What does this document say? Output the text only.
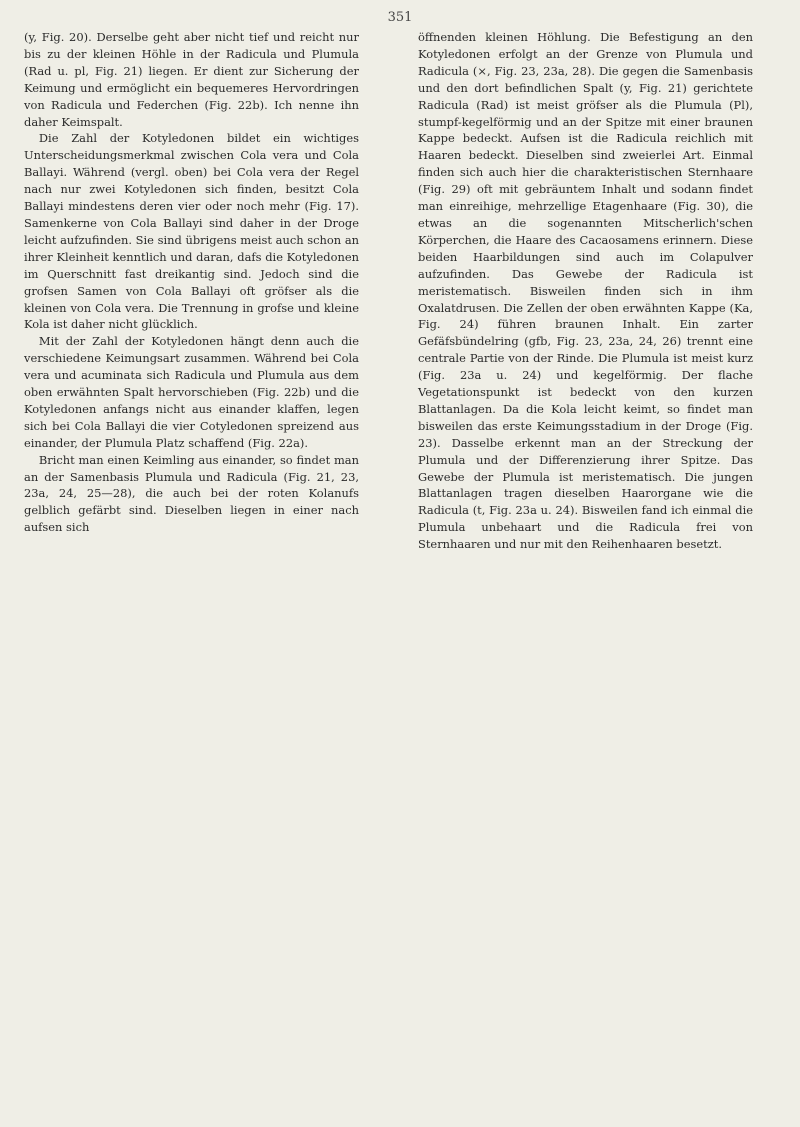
351

(y, Fig. 20). Derselbe geht aber nicht tief und reicht nur bis zu der kleinen Höhle in der Radicula und Plumula (Rad u. pl, Fig. 21) liegen. Er dient zur Sicherung der Keimung und ermöglicht ein bequemeres Hervordringen von Radicula und Federchen (Fig. 22b). Ich nenne ihn daher Keimspalt.

Die Zahl der Kotyledonen bildet ein wichtiges Unterscheidungsmerkmal zwischen Cola vera und Cola Ballayi. Während (vergl. oben) bei Cola vera der Regel nach nur zwei Kotyledonen sich finden, besitzt Cola Ballayi mindestens deren vier oder noch mehr (Fig. 17). Samenkerne von Cola Ballayi sind daher in der Droge leicht aufzufinden. Sie sind übrigens meist auch schon an ihrer Kleinheit kenntlich und daran, dafs die Kotyledonen im Querschnitt fast dreikantig sind. Jedoch sind die grofsen Samen von Cola Ballayi oft gröfser als die kleinen von Cola vera. Die Trennung in grofse und kleine Kola ist daher nicht glücklich.

Mit der Zahl der Kotyledonen hängt denn auch die verschiedene Keimungsart zusammen. Während bei Cola vera und acuminata sich Radicula und Plumula aus dem oben erwähnten Spalt hervorschieben (Fig. 22b) und die Kotyledonen anfangs nicht aus einander klaffen, legen sich bei Cola Ballayi die vier Cotyledonen spreizend aus einander, der Plumula Platz schaffend (Fig. 22a).

Bricht man einen Keimling aus einander, so findet man an der Samenbasis Plumula und Radicula (Fig. 21, 23, 23a, 24, 25—28), die auch bei der roten Kolanufs gelblich gefärbt sind. Dieselben liegen in einer nach aufsen sich

öffnenden kleinen Höhlung. Die Befestigung an den Kotyledonen erfolgt an der Grenze von Plumula und Radicula (×, Fig. 23, 23a, 28). Die gegen die Samenbasis und den dort befindlichen Spalt (y, Fig. 21) gerichtete Radicula (Rad) ist meist gröfser als die Plumula (Pl), stumpf-kegelförmig und an der Spitze mit einer braunen Kappe bedeckt. Aufsen ist die Radicula reichlich mit Haaren bedeckt. Dieselben sind zweierlei Art. Einmal finden sich auch hier die charakteristischen Sternhaare (Fig. 29) oft mit gebräuntem Inhalt und sodann findet man einreihige, mehrzellige Etagenhaare (Fig. 30), die etwas an die sogenannten Mitscherlich'schen Körperchen, die Haare des Cacaosamens erinnern. Diese beiden Haarbildungen sind auch im Colapulver aufzufinden. Das Gewebe der Radicula ist meristematisch. Bisweilen finden sich in ihm Oxalatdrusen. Die Zellen der oben erwähnten Kappe (Ka, Fig. 24) führen braunen Inhalt. Ein zarter Gefäfsbündelring (gfb, Fig. 23, 23a, 24, 26) trennt eine centrale Partie von der Rinde. Die Plumula ist meist kurz (Fig. 23a u. 24) und kegelförmig. Der flache Vegetationspunkt ist bedeckt von den kurzen Blattanlagen. Da die Kola leicht keimt, so findet man bisweilen das erste Keimungsstadium in der Droge (Fig. 23). Dasselbe erkennt man an der Streckung der Plumula und der Differenzierung ihrer Spitze. Das Gewebe der Plumula ist meristematisch. Die jungen Blattanlagen tragen dieselben Haarorgane wie die Radicula (t, Fig. 23a u. 24). Bisweilen fand ich einmal die Plumula unbehaart und die Radicula frei von Sternhaaren und nur mit den Reihenhaaren besetzt.
